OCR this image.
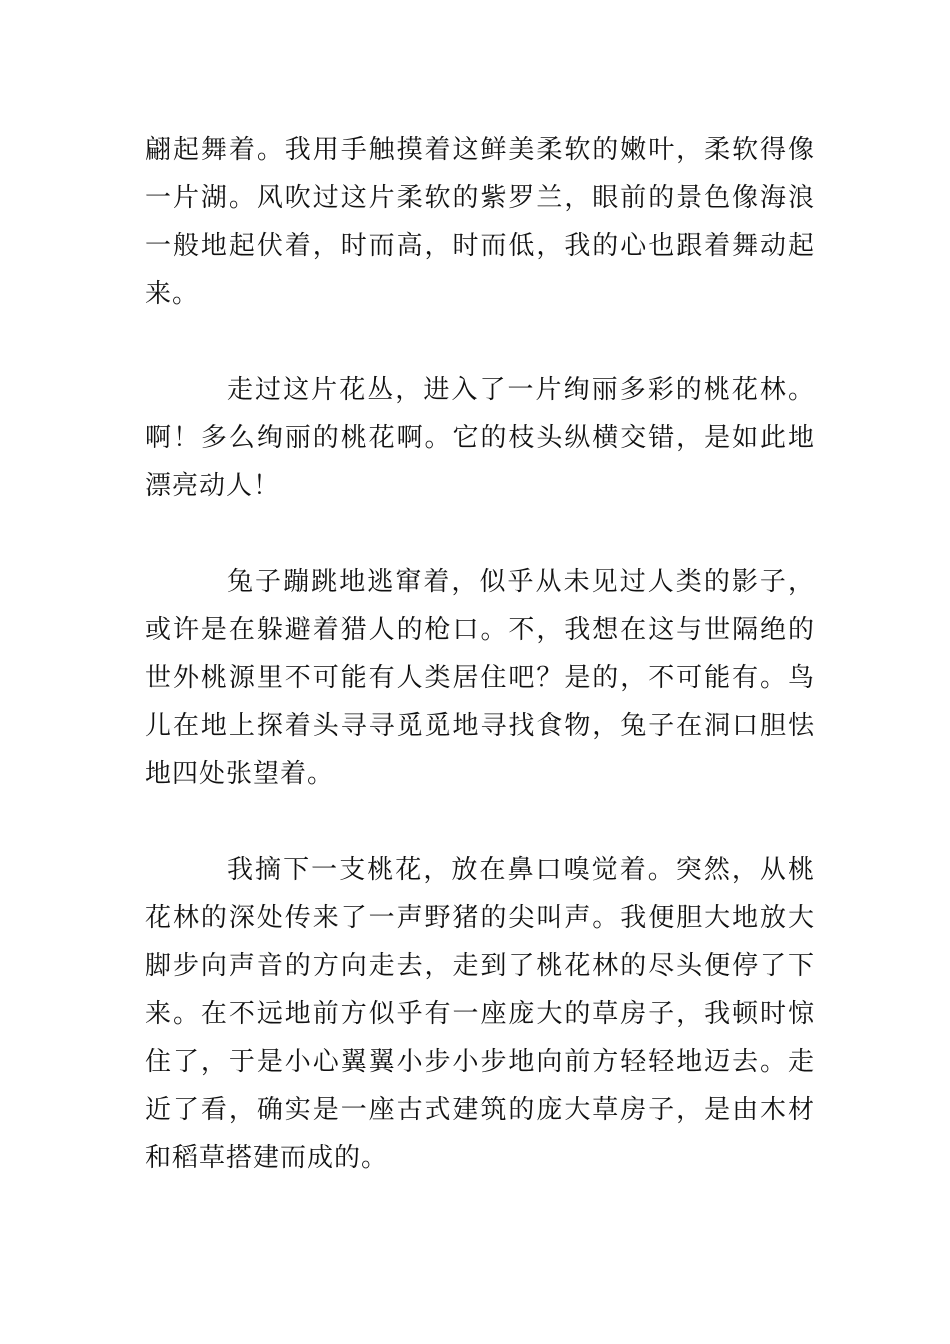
翩起舞着。我用手触摸着这鲜美柔软的嫩叶，柔软得像一片湖。风吹过这片柔软的紫罗兰，眼前的景色像海浪一般地起伏着，时而高，时而低，我的心也跟着舞动起来。

走过这片花丛，进入了一片绚丽多彩的桃花林。啊！多么绚丽的桃花啊。它的枝头纵横交错，是如此地漂亮动人！

兔子蹦跳地逃窜着，似乎从未见过人类的影子，或许是在躲避着猎人的枪口。不，我想在这与世隔绝的世外桃源里不可能有人类居住吧？是的，不可能有。鸟儿在地上探着头寻寻觅觅地寻找食物，兔子在洞口胆怯地四处张望着。

我摘下一支桃花，放在鼻口嗅觉着。突然，从桃花林的深处传来了一声野猪的尖叫声。我便胆大地放大脚步向声音的方向走去，走到了桃花林的尽头便停了下来。在不远地前方似乎有一座庞大的草房子，我顿时惊住了，于是小心翼翼小步小步地向前方轻轻地迈去。走近了看，确实是一座古式建筑的庞大草房子，是由木材和稻草搭建而成的。
